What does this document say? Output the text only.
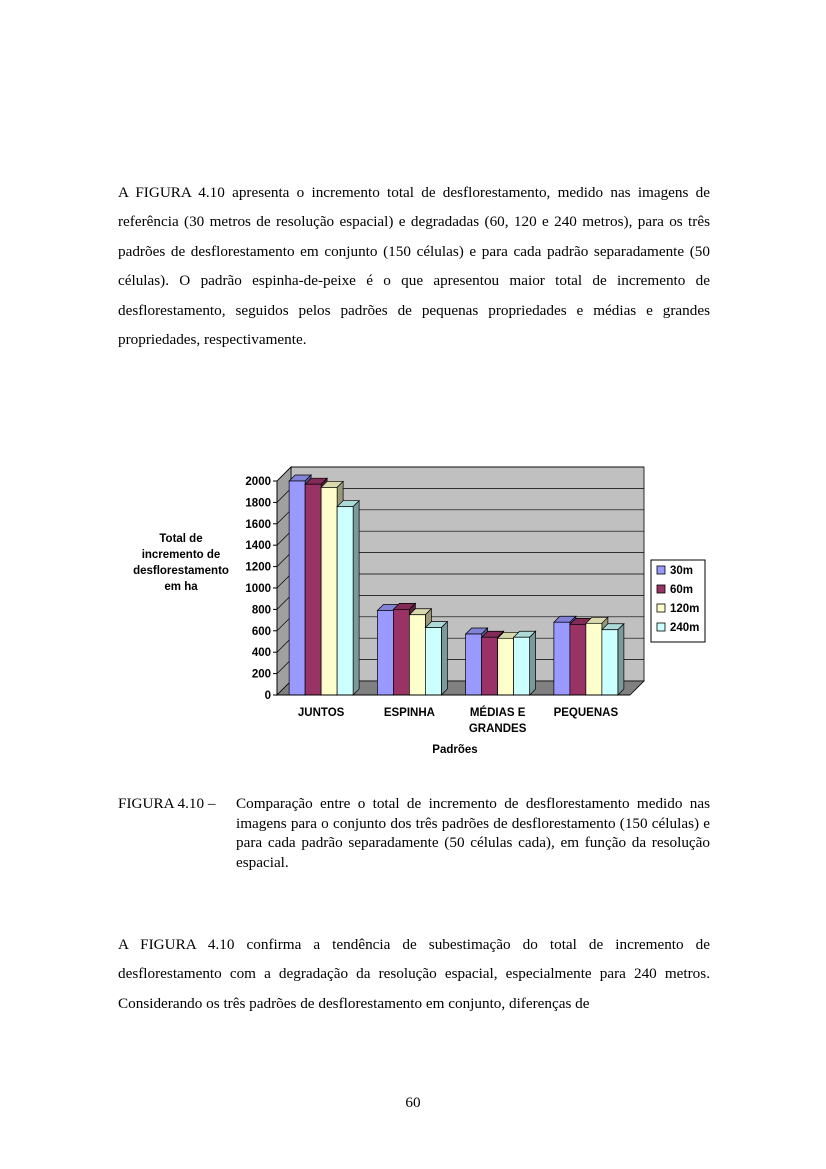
A FIGURA 4.10 apresenta o incremento total de desflorestamento, medido nas imagens de referência (30 metros de resolução espacial) e degradadas (60, 120 e 240 metros), para os três padrões de desflorestamento em conjunto (150 células) e para cada padrão separadamente (50 células). O padrão espinha-de-peixe é o que apresentou maior total de incremento de desflorestamento, seguidos pelos padrões de pequenas propriedades e médias e grandes propriedades, respectivamente.

0
200
400
600
800
1000
1200
1400
1600
1800
2000
JUNTOS	ESPINHA	MÉDIAS E
GRANDES
PEQUENAS
Total de incremento de desflorestamento em ha
Padrões
30m
60m
120m
240m
FIGURA 4.10 –	Comparação entre o total de incremento de desflorestamento medido nas imagens para o conjunto dos três padrões de desflorestamento (150 células) e para cada padrão separadamente (50 células cada), em função da resolução espacial.

A FIGURA 4.10 confirma a tendência de subestimação do total de incremento de desflorestamento com a degradação da resolução espacial, especialmente para 240 metros. Considerando os três padrões de desflorestamento em conjunto, diferenças de

60
